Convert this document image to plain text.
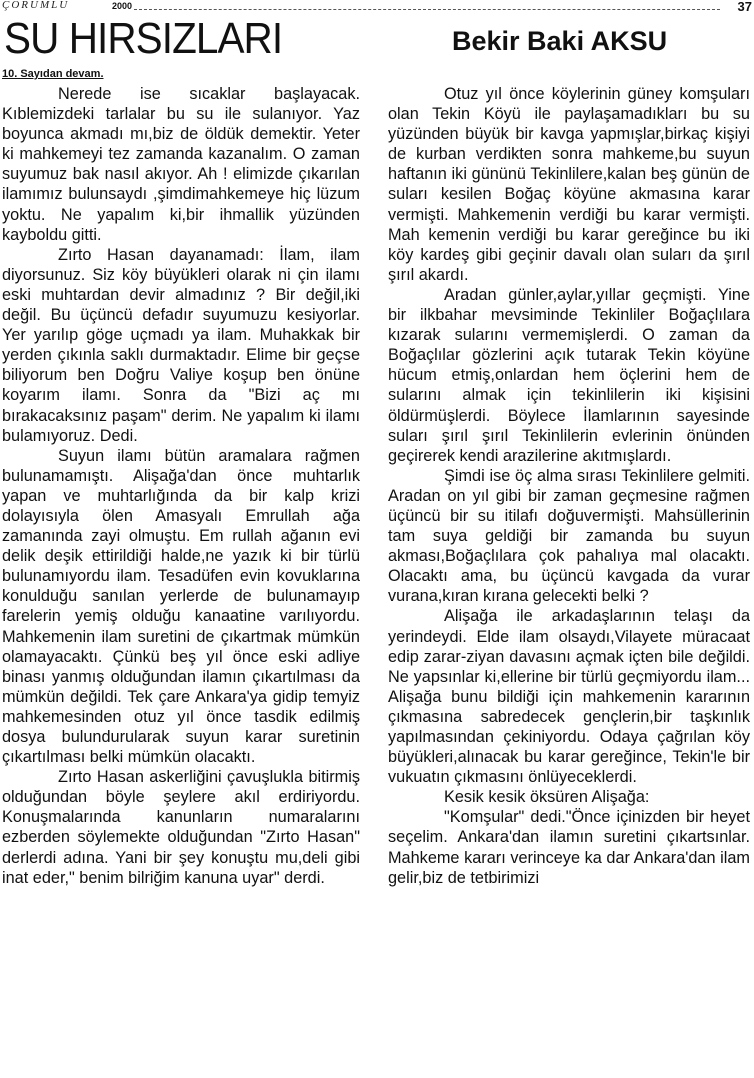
ÇORUMLU	2000	37
SU HIRSIZLARI	Bekir Baki AKSU
10. Sayıdan devam.

Nerede ise sıcaklar başlayacak. Kıblemizdeki tarlalar bu su ile sulanıyor. Yaz boyunca akmadı mı,biz de öldük demektir. Yeter ki mahkemeyi tez zamanda kazanalım. O zaman suyumuz bak nasıl akıyor. Ah ! elimizde çıkarılan ilamımız bulunsaydı ,şimdimahkemeye hiç lüzum yoktu. Ne yapalım ki,bir ihmallik yüzünden kayboldu gitti.

Zırto Hasan dayanamadı: İlam, ilam diyorsunuz. Siz köy büyükleri olarak ni çin ilamı eski muhtardan devir almadınız ? Bir değil,iki değil. Bu üçüncü defadır suyumuzu kesiyorlar. Yer yarılıp göge uçmadı ya ilam. Muhakkak bir yerden çıkınla saklı durmaktadır. Elime bir geçse biliyorum ben Doğru Valiye koşup ben önüne koyarım ilamı. Sonra da "Bizi aç mı bırakacaksınız paşam" derim. Ne yapalım ki ilamı bulamıyoruz. Dedi.

Suyun ilamı bütün aramalara rağmen bulunamamıştı. Alişağa'dan önce muhtarlık yapan ve muhtarlığında da bir kalp krizi dolayısıyla ölen Amasyalı Emrullah ağa zamanında zayi olmuştu. Em rullah ağanın evi delik deşik ettirildiği halde,ne yazık ki bir türlü bulunamıyordu ilam. Tesadüfen evin kovuklarına konulduğu sanılan yerlerde de bulunamayıp farelerin yemiş olduğu kanaatine varılıyordu. Mahkemenin ilam suretini de çıkartmak mümkün olamayacaktı. Çünkü beş yıl önce eski adliye binası yanmış olduğundan ilamın çıkartılması da mümkün değildi. Tek çare Ankara'ya gidip temyiz mahkemesinden otuz yıl önce tasdik edilmiş dosya bulundurularak suyun karar suretinin çıkartılması belki mümkün olacaktı.

Zırto Hasan askerliğini çavuşlukla bitirmiş olduğundan böyle şeylere akıl erdiriyordu. Konuşmalarında kanunların numaralarını ezberden söylemekte olduğundan "Zırto Hasan" derlerdi adına. Yani bir şey konuştu mu,deli gibi inat eder," benim bilriğim kanuna uyar" derdi.

Otuz yıl önce köylerinin güney komşuları olan Tekin Köyü ile paylaşamadıkları bu su yüzünden büyük bir kavga yapmışlar,birkaç kişiyi de kurban verdikten sonra mahkeme,bu suyun haftanın iki gününü Tekinlilere,kalan beş günün de suları kesilen Boğaç köyüne akmasına karar vermişti. Mahkemenin verdiği bu karar vermişti. Mah kemenin verdiği bu karar gereğince bu iki köy kardeş gibi geçinir davalı olan suları da şırıl şırıl akardı.

Aradan günler,aylar,yıllar geçmişti. Yine bir ilkbahar mevsiminde Tekinliler Boğaçlılara kızarak sularını vermemişlerdi. O zaman da Boğaçlılar gözlerini açık tutarak Tekin köyüne hücum etmiş,onlardan hem öçlerini hem de sularını almak için tekinlilerin iki kişisini öldürmüşlerdi. Böylece İlamlarının sayesinde suları şırıl şırıl Tekinlilerin evlerinin önünden geçirerek kendi arazilerine akıtmışlardı.

Şimdi ise öç alma sırası Tekinlilere gelmiti. Aradan on yıl gibi bir zaman geçmesine rağmen üçüncü bir su itilafı doğuvermişti. Mahsüllerinin tam suya geldiği bir zamanda bu suyun akması,Boğaçlılara çok pahalıya mal olacaktı. Olacaktı ama, bu üçüncü kavgada da vurar vurana,kıran kırana gelecekti belki ?

Alişağa ile arkadaşlarının telaşı da yerindeydi. Elde ilam olsaydı,Vilayete müracaat edip zarar-ziyan davasını açmak içten bile değildi. Ne yapsınlar ki,ellerine bir türlü geçmiyordu ilam... Alişağa bunu bildiği için mahkemenin kararının çıkmasına sabredecek gençlerin,bir taşkınlık yapılmasından çekiniyordu. Odaya çağrılan köy büyükleri,alınacak bu karar gereğince, Tekin'le bir vukuatın çıkmasını önlüyeceklerdi.

Kesik kesik öksüren Alişağa:

"Komşular" dedi."Önce içinizden bir heyet seçelim. Ankara'dan ilamın suretini çıkartsınlar. Mahkeme kararı verinceye ka dar Ankara'dan ilam gelir,biz de tetbirimizi
